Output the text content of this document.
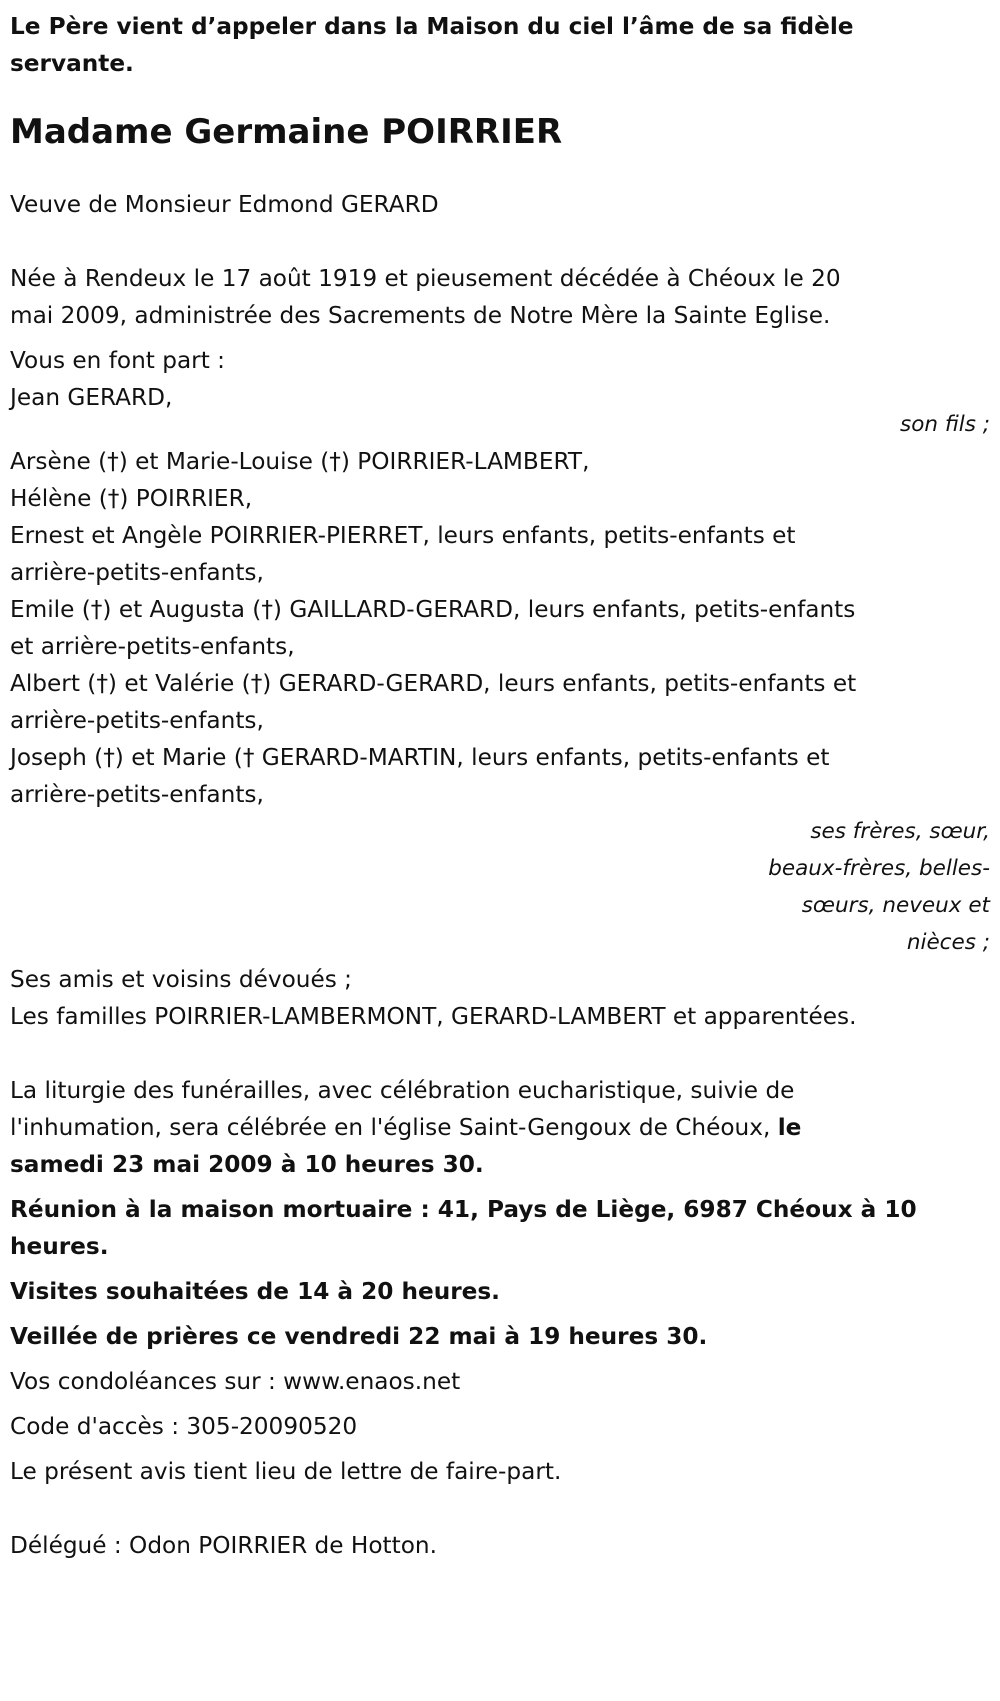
Le Père vient d’appeler dans la Maison du ciel l’âme de sa fidèle

servante.

Madame Germaine POIRRIER

Veuve de Monsieur Edmond GERARD

Née à Rendeux le 17 août 1919 et pieusement décédée à Chéoux le 20

mai 2009, administrée des Sacrements de Notre Mère la Sainte Eglise.

Vous en font part :

Jean GERARD,

son fils ;

Arsène (†) et Marie-Louise (†) POIRRIER-LAMBERT,

Hélène (†) POIRRIER,

Ernest et Angèle POIRRIER-PIERRET, leurs enfants, petits-enfants et

arrière-petits-enfants,

Emile (†) et Augusta (†) GAILLARD-GERARD, leurs enfants, petits-enfants

et arrière-petits-enfants,

Albert (†) et Valérie (†) GERARD-GERARD, leurs enfants, petits-enfants et

arrière-petits-enfants,

Joseph (†) et Marie († GERARD-MARTIN, leurs enfants, petits-enfants et

arrière-petits-enfants,

ses frères, sœur,
beaux-frères, belles-
sœurs, neveux et
nièces ;

Ses amis et voisins dévoués ;

Les familles POIRRIER-LAMBERMONT, GERARD-LAMBERT et apparentées.

La liturgie des funérailles, avec célébration eucharistique, suivie de

l'inhumation, sera célébrée en l'église Saint-Gengoux de Chéoux, le

samedi 23 mai 2009 à 10 heures 30.

Réunion à la maison mortuaire : 41, Pays de Liège, 6987 Chéoux à 10

heures.

Visites souhaitées de 14 à 20 heures.

Veillée de prières ce vendredi 22 mai à 19 heures 30.

Vos condoléances sur : www.enaos.net

Code d'accès : 305-20090520

Le présent avis tient lieu de lettre de faire-part.

Délégué : Odon POIRRIER de Hotton.
